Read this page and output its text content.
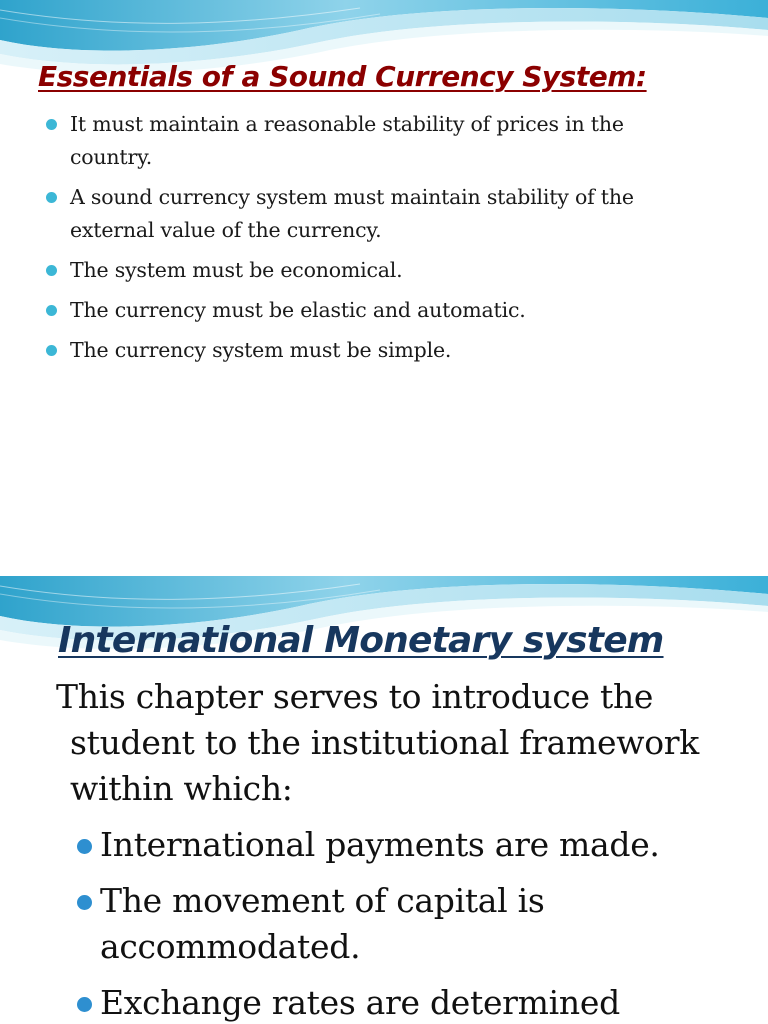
Essentials of a Sound Currency System:
It must maintain a reasonable stability of prices in the
country.
A sound currency system must maintain stability of the
external value of the currency.
The system must be economical.
The currency must be elastic and automatic.
The currency system must be simple.
International Monetary system
This chapter serves to introduce the
student to the institutional framework
within which:
International payments are made.
The movement of capital is
accommodated.
Exchange rates are determined
